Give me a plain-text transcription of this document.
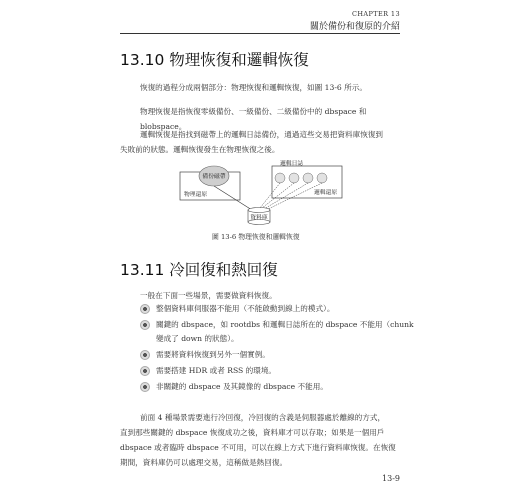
CHAPTER 13
關於備份和復原的介紹
13.10 物理恢復和邏輯恢復
恢復的過程分成兩個部分：物理恢復和邏輯恢復，如圖 13-6 所示。
物理恢復是指恢復零級備份、一級備份、二級備份中的 dbspace 和 blobspace。
邏輯恢復是指找到磁帶上的邏輯日誌備份，通過這些交易把資料庫恢復到
失敗前的狀態。邏輯恢復發生在物理恢復之後。
備份磁帶
物理還原
邏輯日誌
邏輯還原
資料庫
圖 13-6 物理恢復和邏輯恢復
13.11 冷回復和熱回復
一般在下面一些場景，需要做資料恢復。
整個資料庫伺服器不能用（不能啟動到線上的模式）。
關鍵的 dbspace，如 rootdbs 和邏輯日誌所在的 dbspace 不能用（chunk
變成了 down 的狀態）。
需要將資料恢復到另外一個實例。
需要搭建 HDR 或者 RSS 的環境。
非關鍵的 dbspace 及其鏡像的 dbspace 不能用。
前面 4 種場景需要進行冷回復，冷回復的含義是伺服器處於離線的方式，
直到那些關鍵的 dbspace 恢復成功之後，資料庫才可以存取；如果是一個用戶
dbspace 或者臨時 dbspace 不可用，可以在線上方式下進行資料庫恢復。在恢復
期間，資料庫仍可以處理交易，這稱做是熱回復。
13-9
